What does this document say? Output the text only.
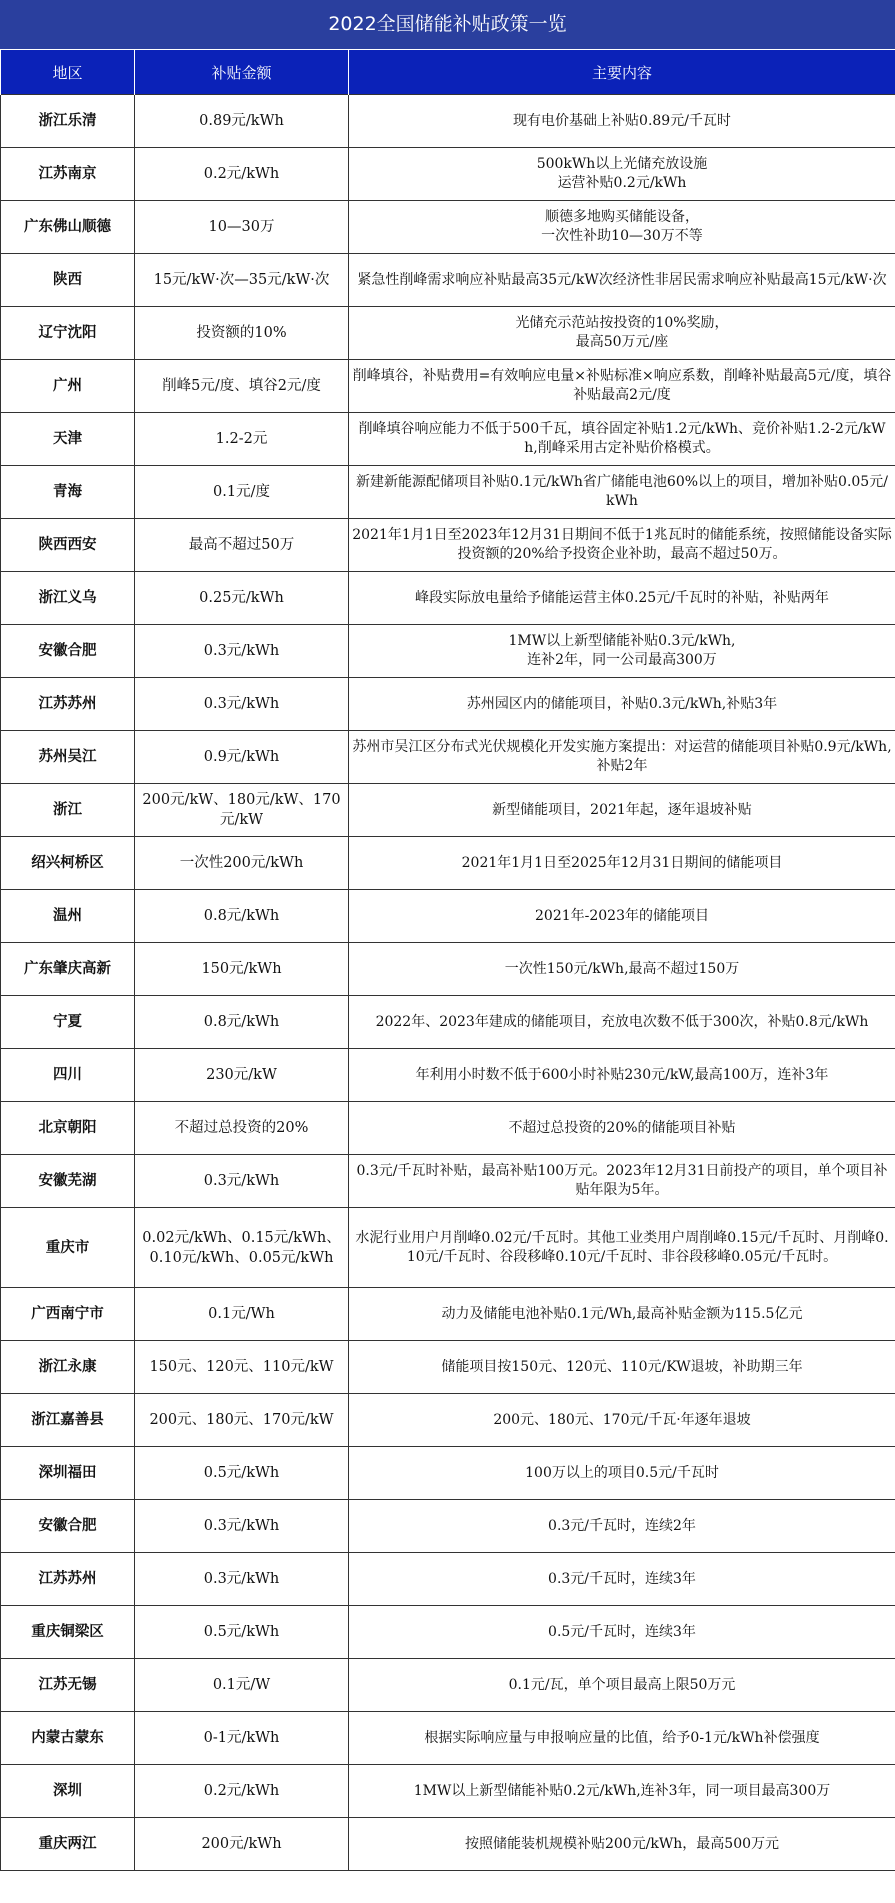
2022全国储能补贴政策一览
地区	补贴金额	主要内容
浙江乐清	0.89元/kWh	现有电价基础上补贴0.89元/千瓦时
江苏南京	0.2元/kWh	500kWh以上光储充放设施
运营补贴0.2元/kWh
广东佛山顺德	10—30万	顺德多地购买储能设备，
一次性补助10—30万不等
陕西	15元/kW·次—35元/kW·次	紧急性削峰需求响应补贴最高35元/kW次经济性非居民需求响应补贴最高15元/kW·次
辽宁沈阳	投资额的10%	光储充示范站按投资的10%奖励，
最高50万元/座
广州	削峰5元/度、填谷2元/度	削峰填谷，补贴费用=有效响应电量×补贴标准×响应系数，削峰补贴最高5元/度，填谷补贴最高2元/度
天津	1.2-2元	削峰填谷响应能力不低于500千瓦，填谷固定补贴1.2元/kWh、竞价补贴1.2-2元/kWh,削峰采用古定补贴价格模式。
青海	0.1元/度	新建新能源配储项目补贴0.1元/kWh省广储能电池60%以上的项目，增加补贴0.05元/kWh
陕西西安	最高不超过50万	2021年1月1日至2023年12月31日期间不低于1兆瓦时的储能系统，按照储能设备实际投资额的20%给予投资企业补助，最高不超过50万。
浙江义乌	0.25元/kWh	峰段实际放电量给予储能运营主体0.25元/千瓦时的补贴，补贴两年
安徽合肥	0.3元/kWh	1MW以上新型储能补贴0.3元/kWh,
连补2年，同一公司最高300万
江苏苏州	0.3元/kWh	苏州园区内的储能项目，补贴0.3元/kWh,补贴3年
苏州吴江	0.9元/kWh	苏州市吴江区分布式光伏规模化开发实施方案提出：对运营的储能项目补贴0.9元/kWh,补贴2年
浙江	200元/kW、180元/kW、170元/kW	新型储能项目，2021年起，逐年退坡补贴
绍兴柯桥区	一次性200元/kWh	2021年1月1日至2025年12月31日期间的储能项目
温州	0.8元/kWh	2021年-2023年的储能项目
广东肇庆高新	150元/kWh	一次性150元/kWh,最高不超过150万
宁夏	0.8元/kWh	2022年、2023年建成的储能项目，充放电次数不低于300次，补贴0.8元/kWh
四川	230元/kW	年利用小时数不低于600小时补贴230元/kW,最高100万，连补3年
北京朝阳	不超过总投资的20%	不超过总投资的20%的储能项目补贴
安徽芜湖	0.3元/kWh	0.3元/千瓦时补贴，最高补贴100万元。2023年12月31日前投产的项目，单个项目补贴年限为5年。
重庆市	0.02元/kWh、0.15元/kWh、0.10元/kWh、0.05元/kWh	水泥行业用户月削峰0.02元/千瓦时。其他工业类用户周削峰0.15元/千瓦时、月削峰0.10元/千瓦时、谷段移峰0.10元/千瓦时、非谷段移峰0.05元/千瓦时。
广西南宁市	0.1元/Wh	动力及储能电池补贴0.1元/Wh,最高补贴金额为115.5亿元
浙江永康	150元、120元、110元/kW	储能项目按150元、120元、110元/KW退坡，补助期三年
浙江嘉善县	200元、180元、170元/kW	200元、180元、170元/千瓦·年逐年退坡
深圳福田	0.5元/kWh	100万以上的项目0.5元/千瓦时
安徽合肥	0.3元/kWh	0.3元/千瓦时，连续2年
江苏苏州	0.3元/kWh	0.3元/千瓦时，连续3年
重庆铜梁区	0.5元/kWh	0.5元/千瓦时，连续3年
江苏无锡	0.1元/W	0.1元/瓦，单个项目最高上限50万元
内蒙古蒙东	0-1元/kWh	根据实际响应量与申报响应量的比值，给予0-1元/kWh补偿强度
深圳	0.2元/kWh	1MW以上新型储能补贴0.2元/kWh,连补3年，同一项目最高300万
重庆两江	200元/kWh	按照储能装机规模补贴200元/kWh，最高500万元
